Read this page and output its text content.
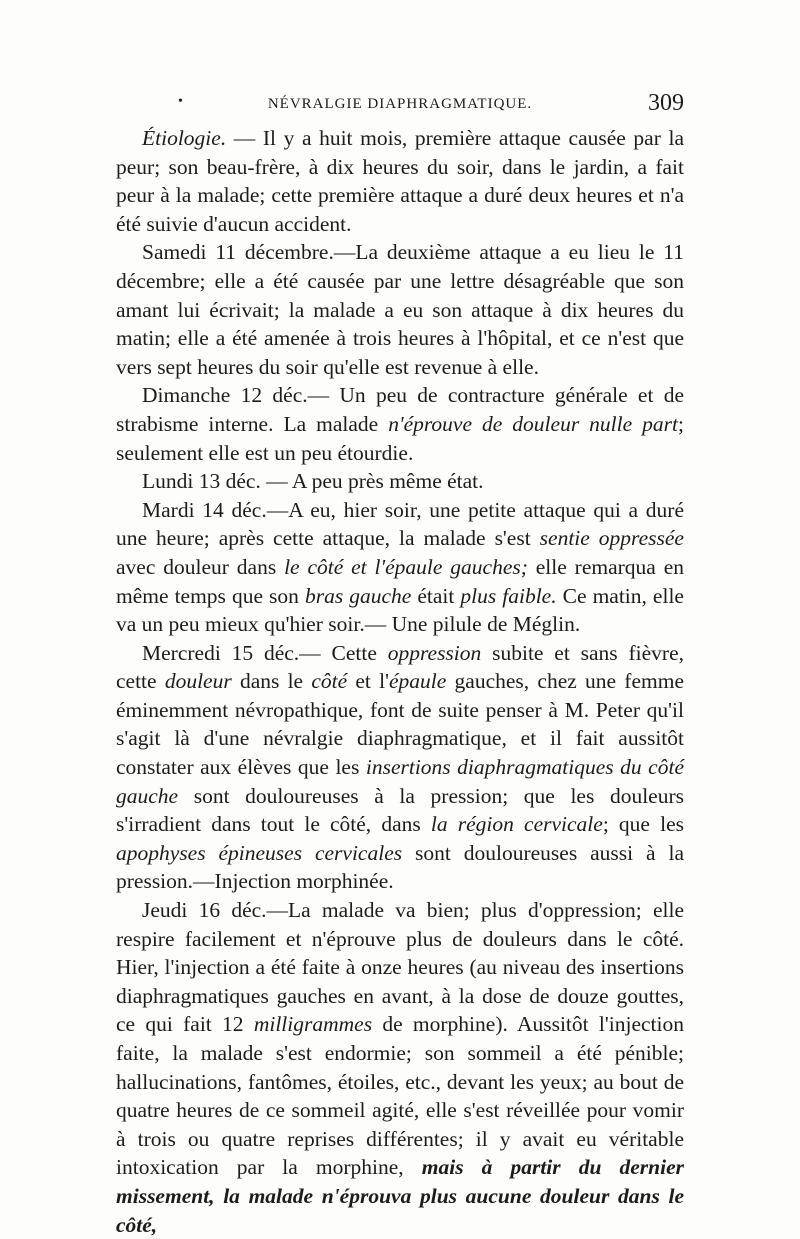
•	NÉVRALGIE DIAPHRAGMATIQUE.	309

Étiologie. — Il y a huit mois, première attaque causée par la peur; son beau-frère, à dix heures du soir, dans le jardin, a fait peur à la malade; cette première attaque a duré deux heures et n'a été suivie d'aucun accident.

Samedi 11 décembre.—La deuxième attaque a eu lieu le 11 décembre; elle a été causée par une lettre désagréable que son amant lui écrivait; la malade a eu son attaque à dix heures du matin; elle a été amenée à trois heures à l'hôpital, et ce n'est que vers sept heures du soir qu'elle est revenue à elle.

Dimanche 12 déc.— Un peu de contracture générale et de strabisme interne. La malade n'éprouve de douleur nulle part; seulement elle est un peu étourdie.

Lundi 13 déc. — A peu près même état.

Mardi 14 déc.—A eu, hier soir, une petite attaque qui a duré une heure; après cette attaque, la malade s'est sentie oppressée avec douleur dans le côté et l'épaule gauches; elle remarqua en même temps que son bras gauche était plus faible. Ce matin, elle va un peu mieux qu'hier soir.— Une pilule de Méglin.

Mercredi 15 déc.— Cette oppression subite et sans fièvre, cette douleur dans le côté et l'épaule gauches, chez une femme éminemment névropathique, font de suite penser à M. Peter qu'il s'agit là d'une névralgie diaphragmatique, et il fait aussitôt constater aux élèves que les insertions diaphragmatiques du côté gauche sont douloureuses à la pression; que les douleurs s'irradient dans tout le côté, dans la région cervicale; que les apophyses épineuses cervicales sont douloureuses aussi à la pression.—Injection morphinée.

Jeudi 16 déc.—La malade va bien; plus d'oppression; elle respire facilement et n'éprouve plus de douleurs dans le côté. Hier, l'injection a été faite à onze heures (au niveau des insertions diaphragmatiques gauches en avant, à la dose de douze gouttes, ce qui fait 12 milligrammes de morphine). Aussitôt l'injection faite, la malade s'est endormie; son sommeil a été pénible; hallucinations, fantômes, étoiles, etc., devant les yeux; au bout de quatre heures de ce sommeil agité, elle s'est réveillée pour vomir à trois ou quatre reprises différentes; il y avait eu véritable intoxication par la morphine, mais à partir du dernier missement, la malade n'éprouva plus aucune douleur dans le côté,
